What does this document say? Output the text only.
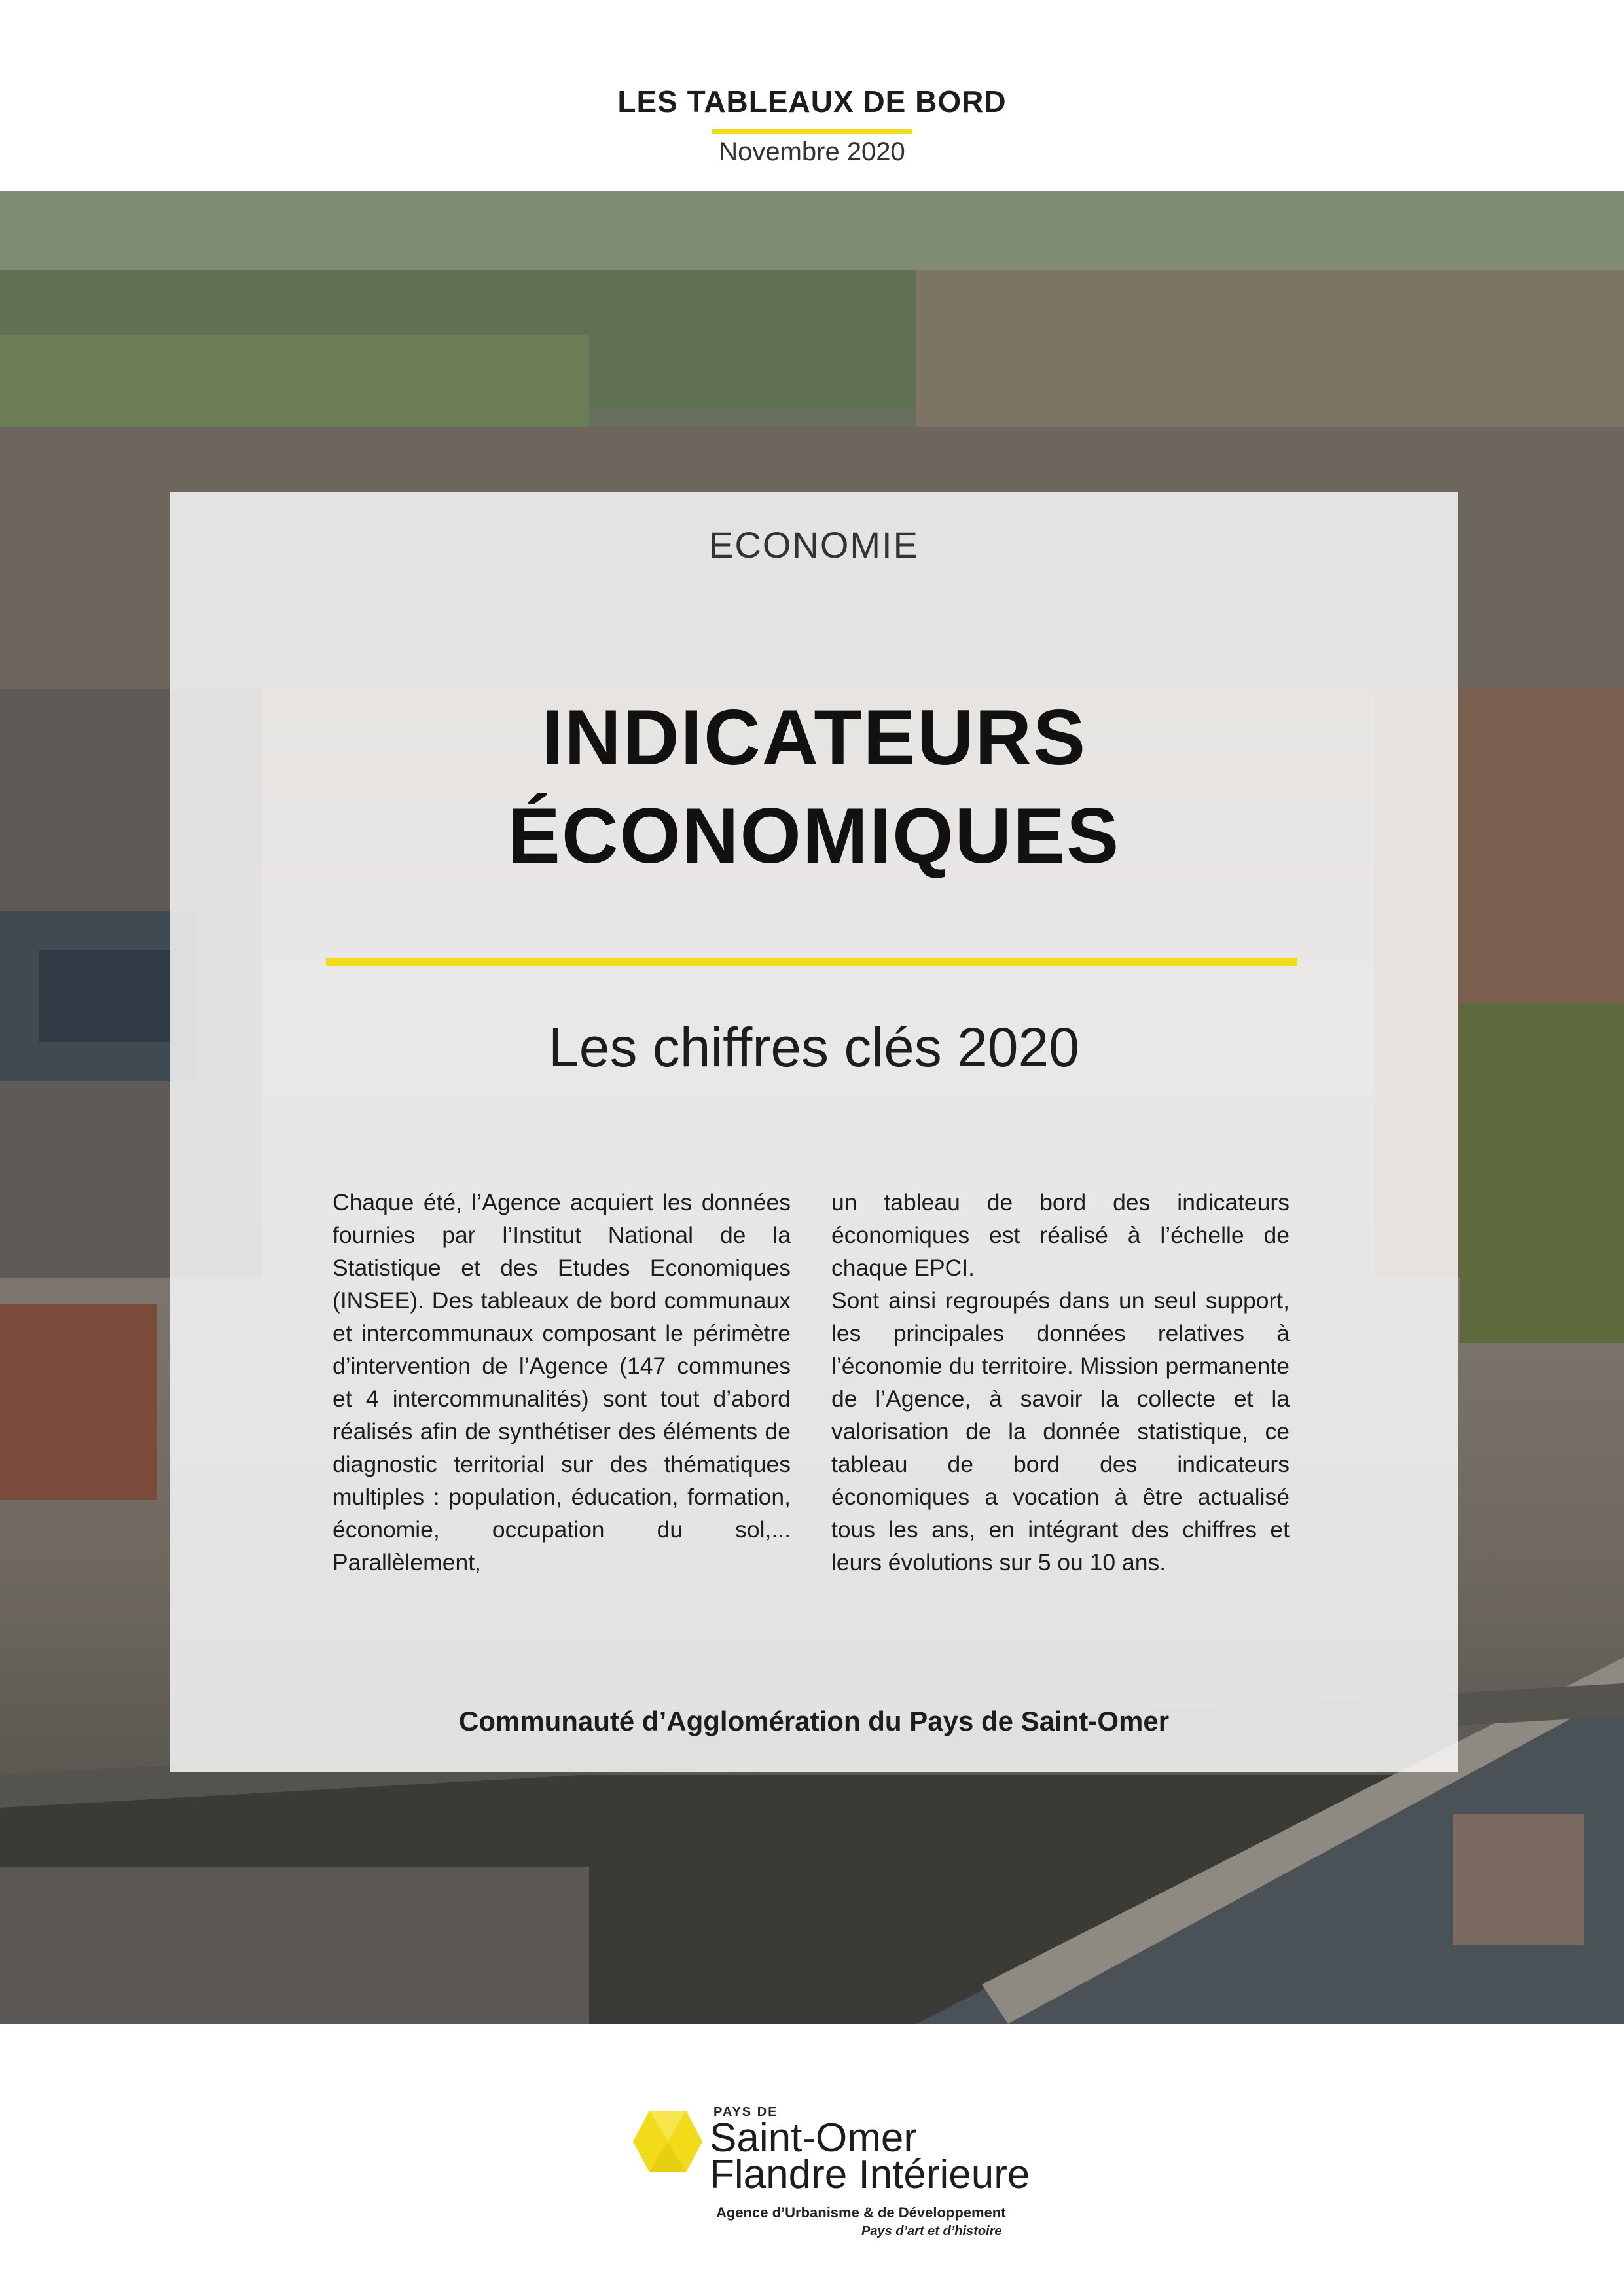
LES TABLEAUX DE BORD
Novembre 2020
ECONOMIE
INDICATEURS
ÉCONOMIQUES
Les chiffres clés 2020
Chaque été, l’Agence acquiert les données fournies par l’Institut National de la Statistique et des Etudes Economiques (INSEE). Des tableaux de bord communaux et intercommunaux composant le périmètre d’intervention de l’Agence (147 communes et 4 intercommunalités) sont tout d’abord réalisés afin de synthétiser des éléments de diagnostic territorial sur des thématiques multiples : population, éducation, formation, économie, occupation du sol,... Parallèlement,
un tableau de bord des indicateurs économiques est réalisé à l’échelle de chaque EPCI.
Sont ainsi regroupés dans un seul support, les principales données relatives à l’économie du territoire. Mission permanente de l’Agence, à savoir la collecte et la valorisation de la donnée statistique, ce tableau de bord des indicateurs économiques a vocation à être actualisé tous les ans, en intégrant des chiffres et leurs évolutions sur 5 ou 10 ans.
Communauté d’Agglomération du Pays de Saint-Omer
PAYS DE
Saint-Omer
Flandre Intérieure
Agence d’Urbanisme & de Développement
Pays d’art et d’histoire
